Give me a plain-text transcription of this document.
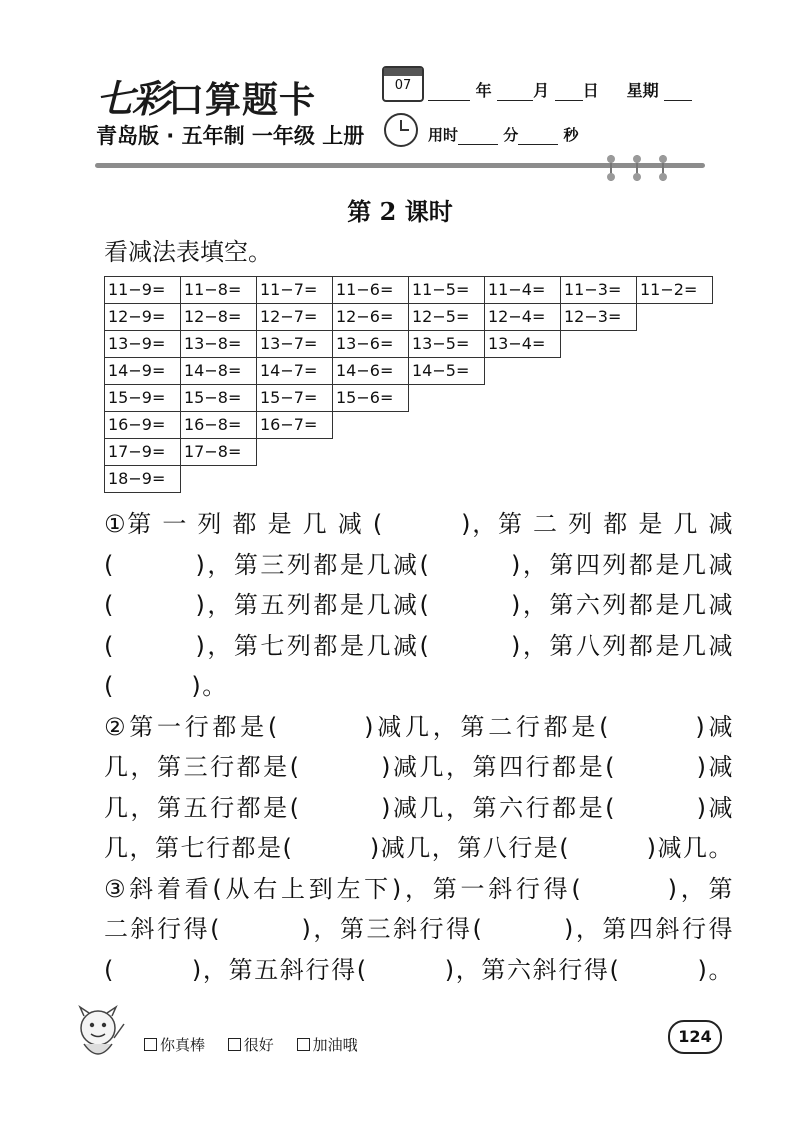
七彩口算题卡	07	年	月 日 星期
青岛版 · 五年制 一年级 上册	用时	分	秒
第 2 课时
看减法表填空。
11−9=	11−8=	11−7=	11−6=	11−5=	11−4=	11−3=	11−2=
12−9=	12−8=	12−7=	12−6=	12−5=	12−4=	12−3=
13−9=	13−8=	13−7=	13−6=	13−5=	13−4=
14−9=	14−8=	14−7=	14−6=	14−5=
15−9=	15−8=	15−7=	15−6=
16−9=	16−8=	16−7=
17−9=	17−8=
18−9=
①第 一 列 都 是 几 减 (　　　)，第 二 列 都 是 几 减
(　　　)，第三列都是几减(　　　)，第四列都是几减
(　　　)，第五列都是几减(　　　)，第六列都是几减
(　　　)，第七列都是几减(　　　)，第八列都是几减
(　　　)。
②第一行都是(　　　)减几，第二行都是(　　　)减
几，第三行都是(　　　)减几，第四行都是(　　　)减
几，第五行都是(　　　)减几，第六行都是(　　　)减
几，第七行都是(　　　)减几，第八行是(　　　)减几。
③斜着看(从右上到左下)，第一斜行得(　　　)，第
二斜行得(　　　)，第三斜行得(　　　)，第四斜行得
(　　　)，第五斜行得(　　　)，第六斜行得(　　　)。
你真棒	很好	加油哦	124
